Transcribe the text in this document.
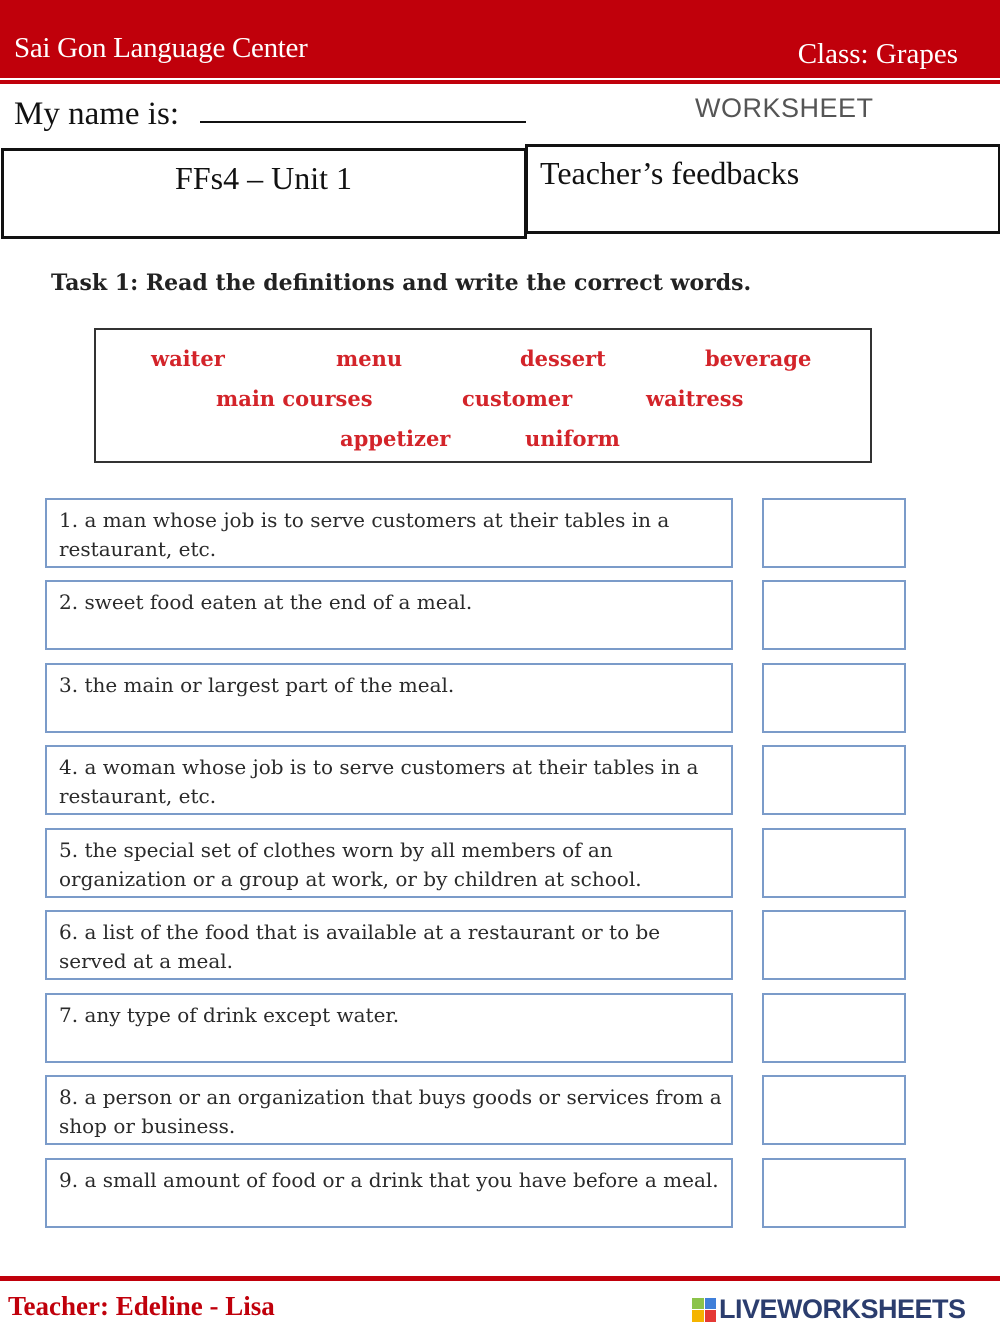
Sai Gon Language Center	Class: Grapes
My name is:	WORKSHEET
FFs4 – Unit 1	Teacher’s feedbacks
Task 1: Read the definitions and write the correct words.
waiter	menu	dessert	beverage
main courses	customer	waitress
appetizer	uniform
1. a man whose job is to serve customers at their tables in a restaurant, etc.
2. sweet food eaten at the end of a meal.
3. the main or largest part of the meal.
4. a woman whose job is to serve customers at their tables in a restaurant, etc.
5. the special set of clothes worn by all members of an organization or a group at work, or by children at school.
6. a list of the food that is available at a restaurant or to be served at a meal.
7. any type of drink except water.
8. a person or an organization that buys goods or services from a shop or business.
9. a small amount of food or a drink that you have before a meal.
Teacher: Edeline - Lisa	LIVEWORKSHEETS
